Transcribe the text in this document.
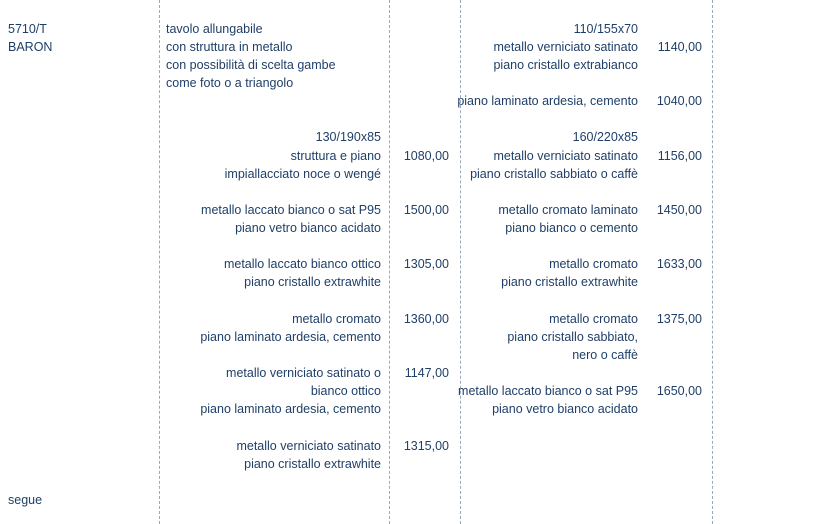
5710/T
BARON
tavolo allungabile
con struttura in metallo
con possibilità di scelta gambe
come foto o a triangolo
130/190x85
struttura e piano
impiallacciato noce o wengé
1080,00
metallo laccato bianco o sat P95
piano vetro bianco acidato
1500,00
metallo laccato bianco ottico
piano cristallo extrawhite
1305,00
metallo cromato
piano laminato ardesia, cemento
1360,00
metallo verniciato satinato o
bianco ottico
piano laminato ardesia, cemento
1147,00
metallo verniciato satinato
piano cristallo extrawhite
1315,00
110/155x70
metallo verniciato satinato
piano cristallo extrabianco
1140,00
piano laminato ardesia, cemento 1040,00
160/220x85
metallo verniciato satinato
piano cristallo sabbiato o caffè
1156,00
metallo cromato laminato
piano bianco o cemento
1450,00
metallo cromato
piano cristallo extrawhite
1633,00
metallo cromato
piano cristallo sabbiato,
nero o caffè
1375,00
metallo laccato bianco o sat P95
piano vetro bianco acidato
1650,00
segue
